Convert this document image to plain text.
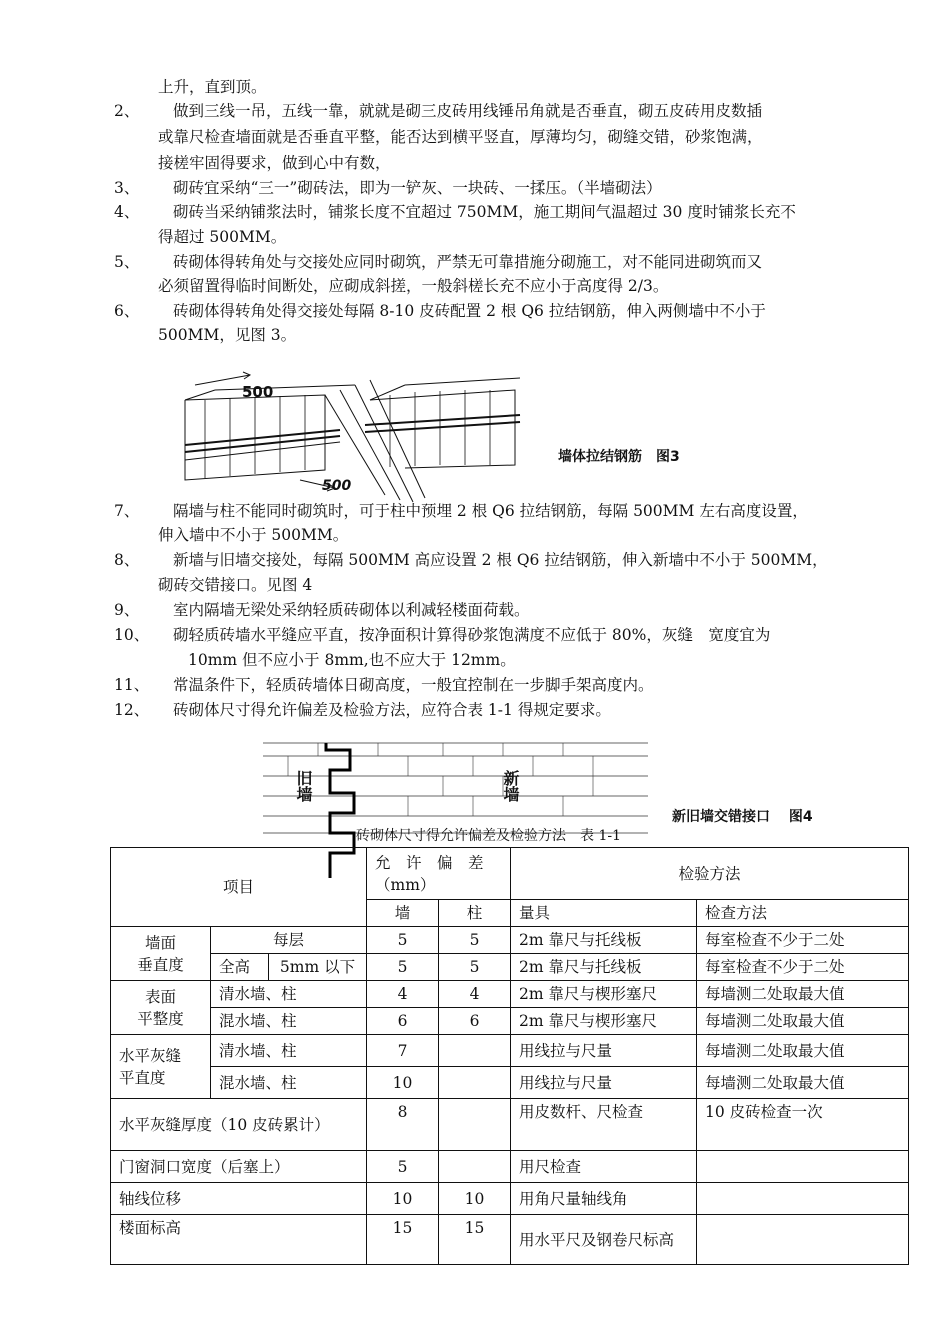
上升，直到顶。
2、 做到三线一吊，五线一靠，就就是砌三皮砖用线锤吊角就是否垂直，砌五皮砖用皮数插
或靠尺检查墙面就是否垂直平整，能否达到横平竖直，厚薄均匀，砌缝交错，砂浆饱满，
接槎牢固得要求，做到心中有数，
3、 砌砖宜采纳“三一”砌砖法，即为一铲灰、一块砖、一揉压。（半墙砌法）
4、 砌砖当采纳铺浆法时，铺浆长度不宜超过 750MM，施工期间气温超过 30 度时铺浆长充不
得超过 500MM。
5、 砖砌体得转角处与交接处应同时砌筑，严禁无可靠措施分砌施工，对不能同进砌筑而又
必须留置得临时间断处，应砌成斜搓，一般斜槎长充不应小于高度得 2/3。
6、 砖砌体得转角处得交接处每隔 8-10 皮砖配置 2 根 Q6 拉结钢筋，伸入两侧墙中不小于
500MM，见图 3。
500
500
墙体拉结钢筋　图3
7、 隔墙与柱不能同时砌筑时，可于柱中预埋 2 根 Q6 拉结钢筋，每隔 500MM 左右高度设置，
伸入墙中不小于 500MM。
8、 新墙与旧墙交接处，每隔 500MM 高应设置 2 根 Q6 拉结钢筋，伸入新墙中不小于 500MM，
砌砖交错接口。见图 4
9、 室内隔墙无梁处采纳轻质砖砌体以利减轻楼面荷载。
10、 砌轻质砖墙水平缝应平直，按净面积计算得砂浆饱满度不应低于 80%，灰缝　宽度宜为
10mm 但不应小于 8mm,也不应大于 12mm。
11、 常温条件下，轻质砖墙体日砌高度，一般宜控制在一步脚手架高度内。
12、 砖砌体尺寸得允许偏差及检验方法，应符合表 1-1 得规定要求。
旧墙	新墙
新旧墙交错接口　 图4
砖砌体尺寸得允许偏差及检验方法　表 1-1
项目			允　许　偏　差（mm）		检验方法	
			墙	柱	量具	检查方法
墙面
垂直度	每层		5	5	2m 靠尺与托线板	每室检查不少于二处
	全高	5mm 以下	5	5	2m 靠尺与托线板	每室检查不少于二处
表面
平整度	清水墙、柱		4	4	2m 靠尺与楔形塞尺	每墙测二处取最大值
	混水墙、柱		6	6	2m 靠尺与楔形塞尺	每墙测二处取最大值
水平灰缝
平直度	清水墙、柱		7		用线拉与尺量	每墙测二处取最大值
	混水墙、柱		10		用线拉与尺量	每墙测二处取最大值
水平灰缝厚度（10 皮砖累计）			8		用皮数杆、尺检查	10 皮砖检查一次
门窗洞口宽度（后塞上）			5		用尺检查	
轴线位移			10	10	用角尺量轴线角	
楼面标高			15	15	用水平尺及钢卷尺标高	
